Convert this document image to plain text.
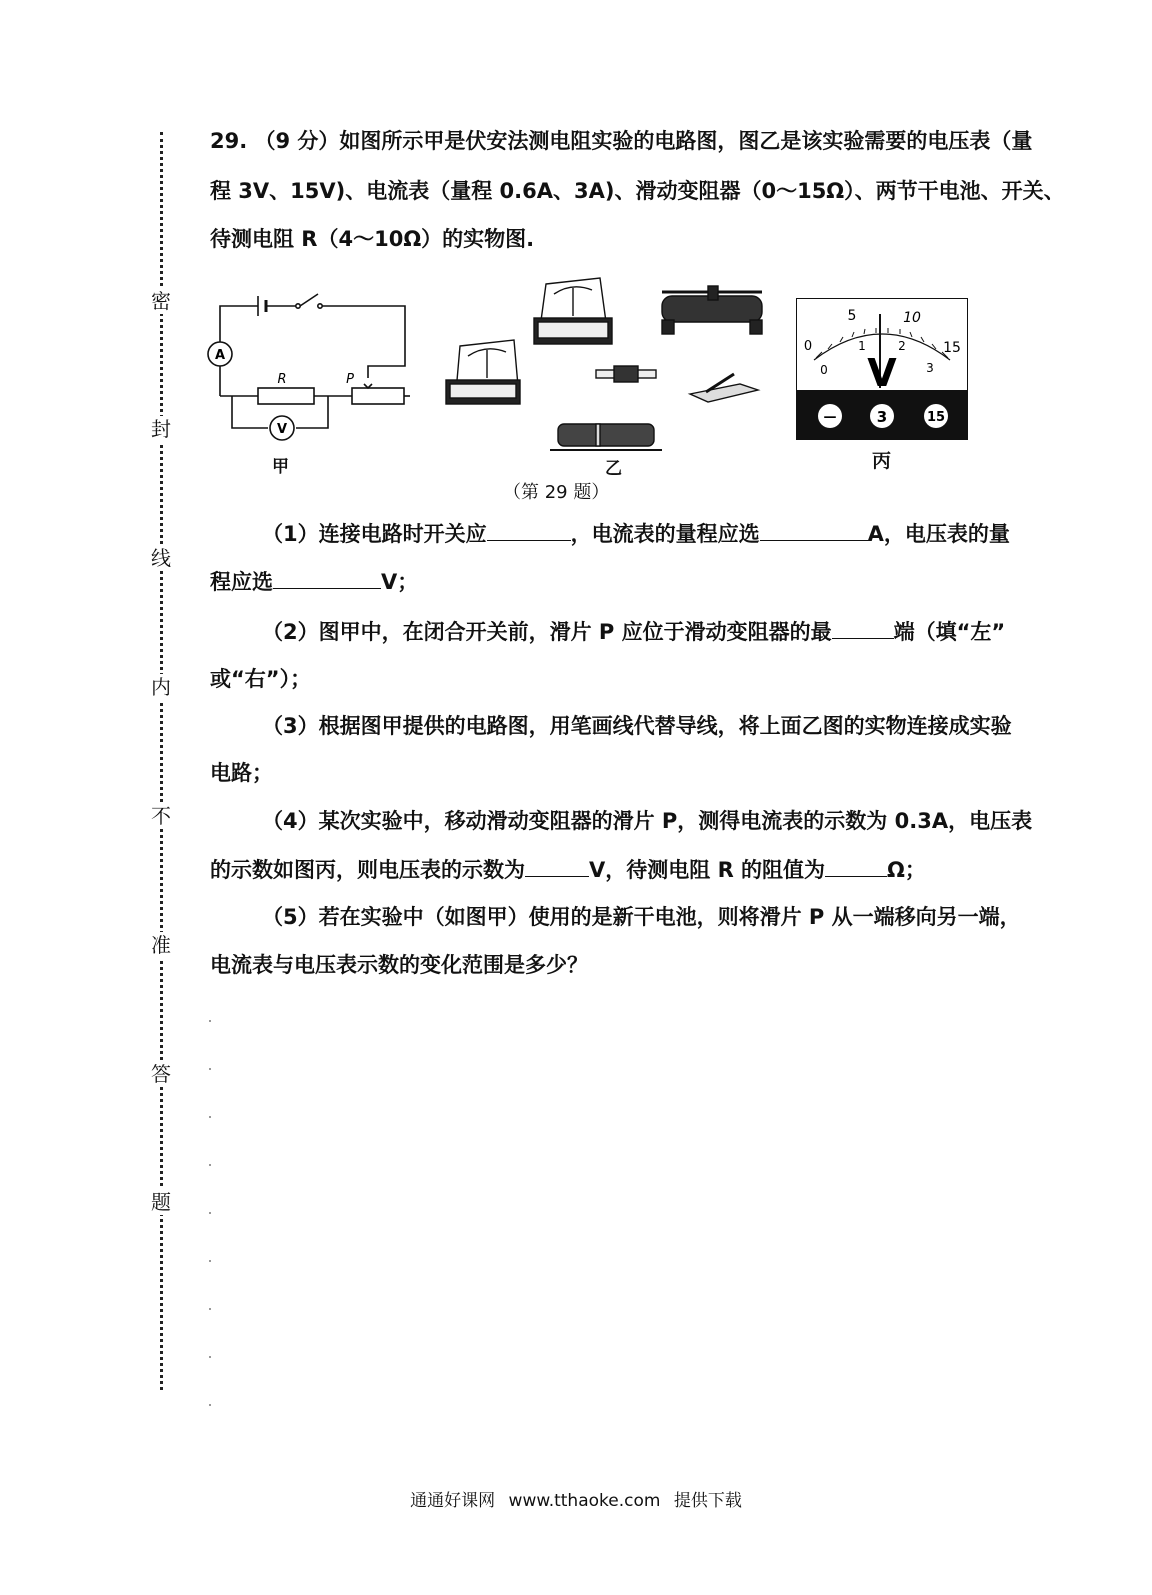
密
封
线
内
不
准
答
题
29. （9 分）如图所示甲是伏安法测电阻实验的电路图，图乙是该实验需要的电压表（量
程 3V、15V)、电流表（量程 0.6A、3A)、滑动变阻器（0～15Ω）、两节干电池、开关、
待测电阻 R（4～10Ω）的实物图.
A
V
R	P
甲	乙
0
1	2
3
0
5	10
15
V
—	3	15
丙
（第 29 题）
（1）连接电路时开关应	，电流表的量程应选	A，电压表的量
程应选	V；
（2）图甲中，在闭合开关前，滑片 P 应位于滑动变阻器的最	端（填“左”
或“右”）；
（3）根据图甲提供的电路图，用笔画线代替导线，将上面乙图的实物连接成实验
电路；
（4）某次实验中，移动滑动变阻器的滑片 P，测得电流表的示数为 0.3A，电压表
的示数如图丙，则电压表的示数为	V，待测电阻 R 的阻值为	Ω；
（5）若在实验中（如图甲）使用的是新干电池，则将滑片 P 从一端移向另一端，
电流表与电压表示数的变化范围是多少？
通通好课网 www.tthaoke.com 提供下载
